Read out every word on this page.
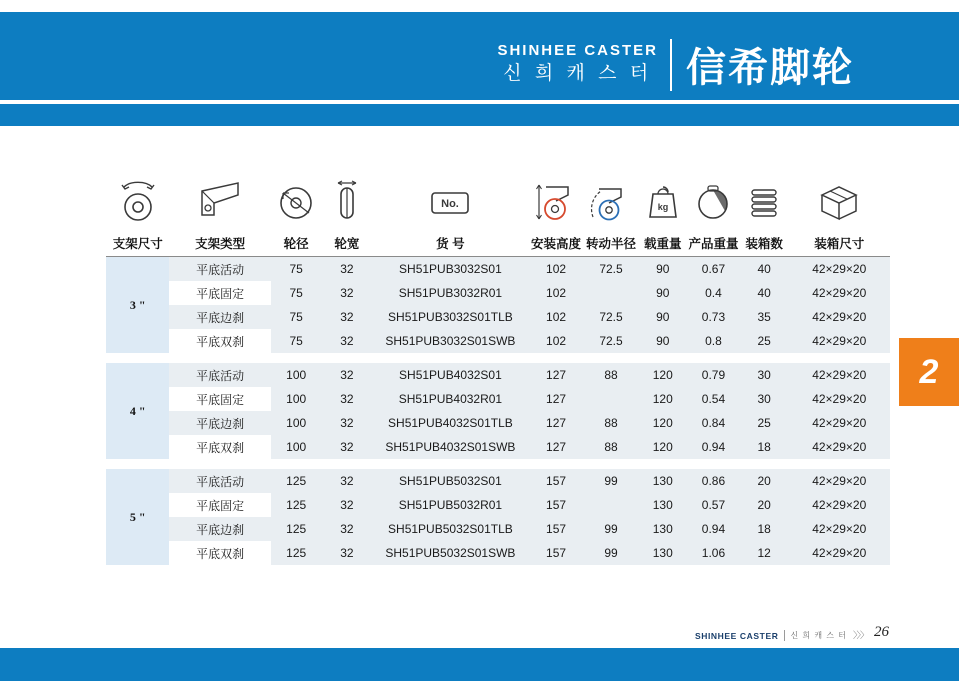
SHINHEE CASTER
신 희 캐 스 터 信希脚轮
2

No.			kg

支架尺寸	支架类型	轮径	轮宽	货 号	安装高度	转动半径	载重量	产品重量	装箱数	装箱尺寸
3 "	平底活动	75	32	SH51PUB3032S01	102	72.5	90	0.67	40	42×29×20
	平底固定	75	32	SH51PUB3032R01	102		90	0.4	40	42×29×20
	平底边刹	75	32	SH51PUB3032S01TLB	102	72.5	90	0.73	35	42×29×20
	平底双刹	75	32	SH51PUB3032S01SWB	102	72.5	90	0.8	25	42×29×20

4 "	平底活动	100	32	SH51PUB4032S01	127	88	120	0.79	30	42×29×20
	平底固定	100	32	SH51PUB4032R01	127		120	0.54	30	42×29×20
	平底边刹	100	32	SH51PUB4032S01TLB	127	88	120	0.84	25	42×29×20
	平底双刹	100	32	SH51PUB4032S01SWB	127	88	120	0.94	18	42×29×20

5 "	平底活动	125	32	SH51PUB5032S01	157	99	130	0.86	20	42×29×20
	平底固定	125	32	SH51PUB5032R01	157		130	0.57	20	42×29×20
	平底边刹	125	32	SH51PUB5032S01TLB	157	99	130	0.94	18	42×29×20
	平底双刹	125	32	SH51PUB5032S01SWB	157	99	130	1.06	12	42×29×20
SHINHEE CASTER	신 희 캐 스 터 〉〉〉 26
